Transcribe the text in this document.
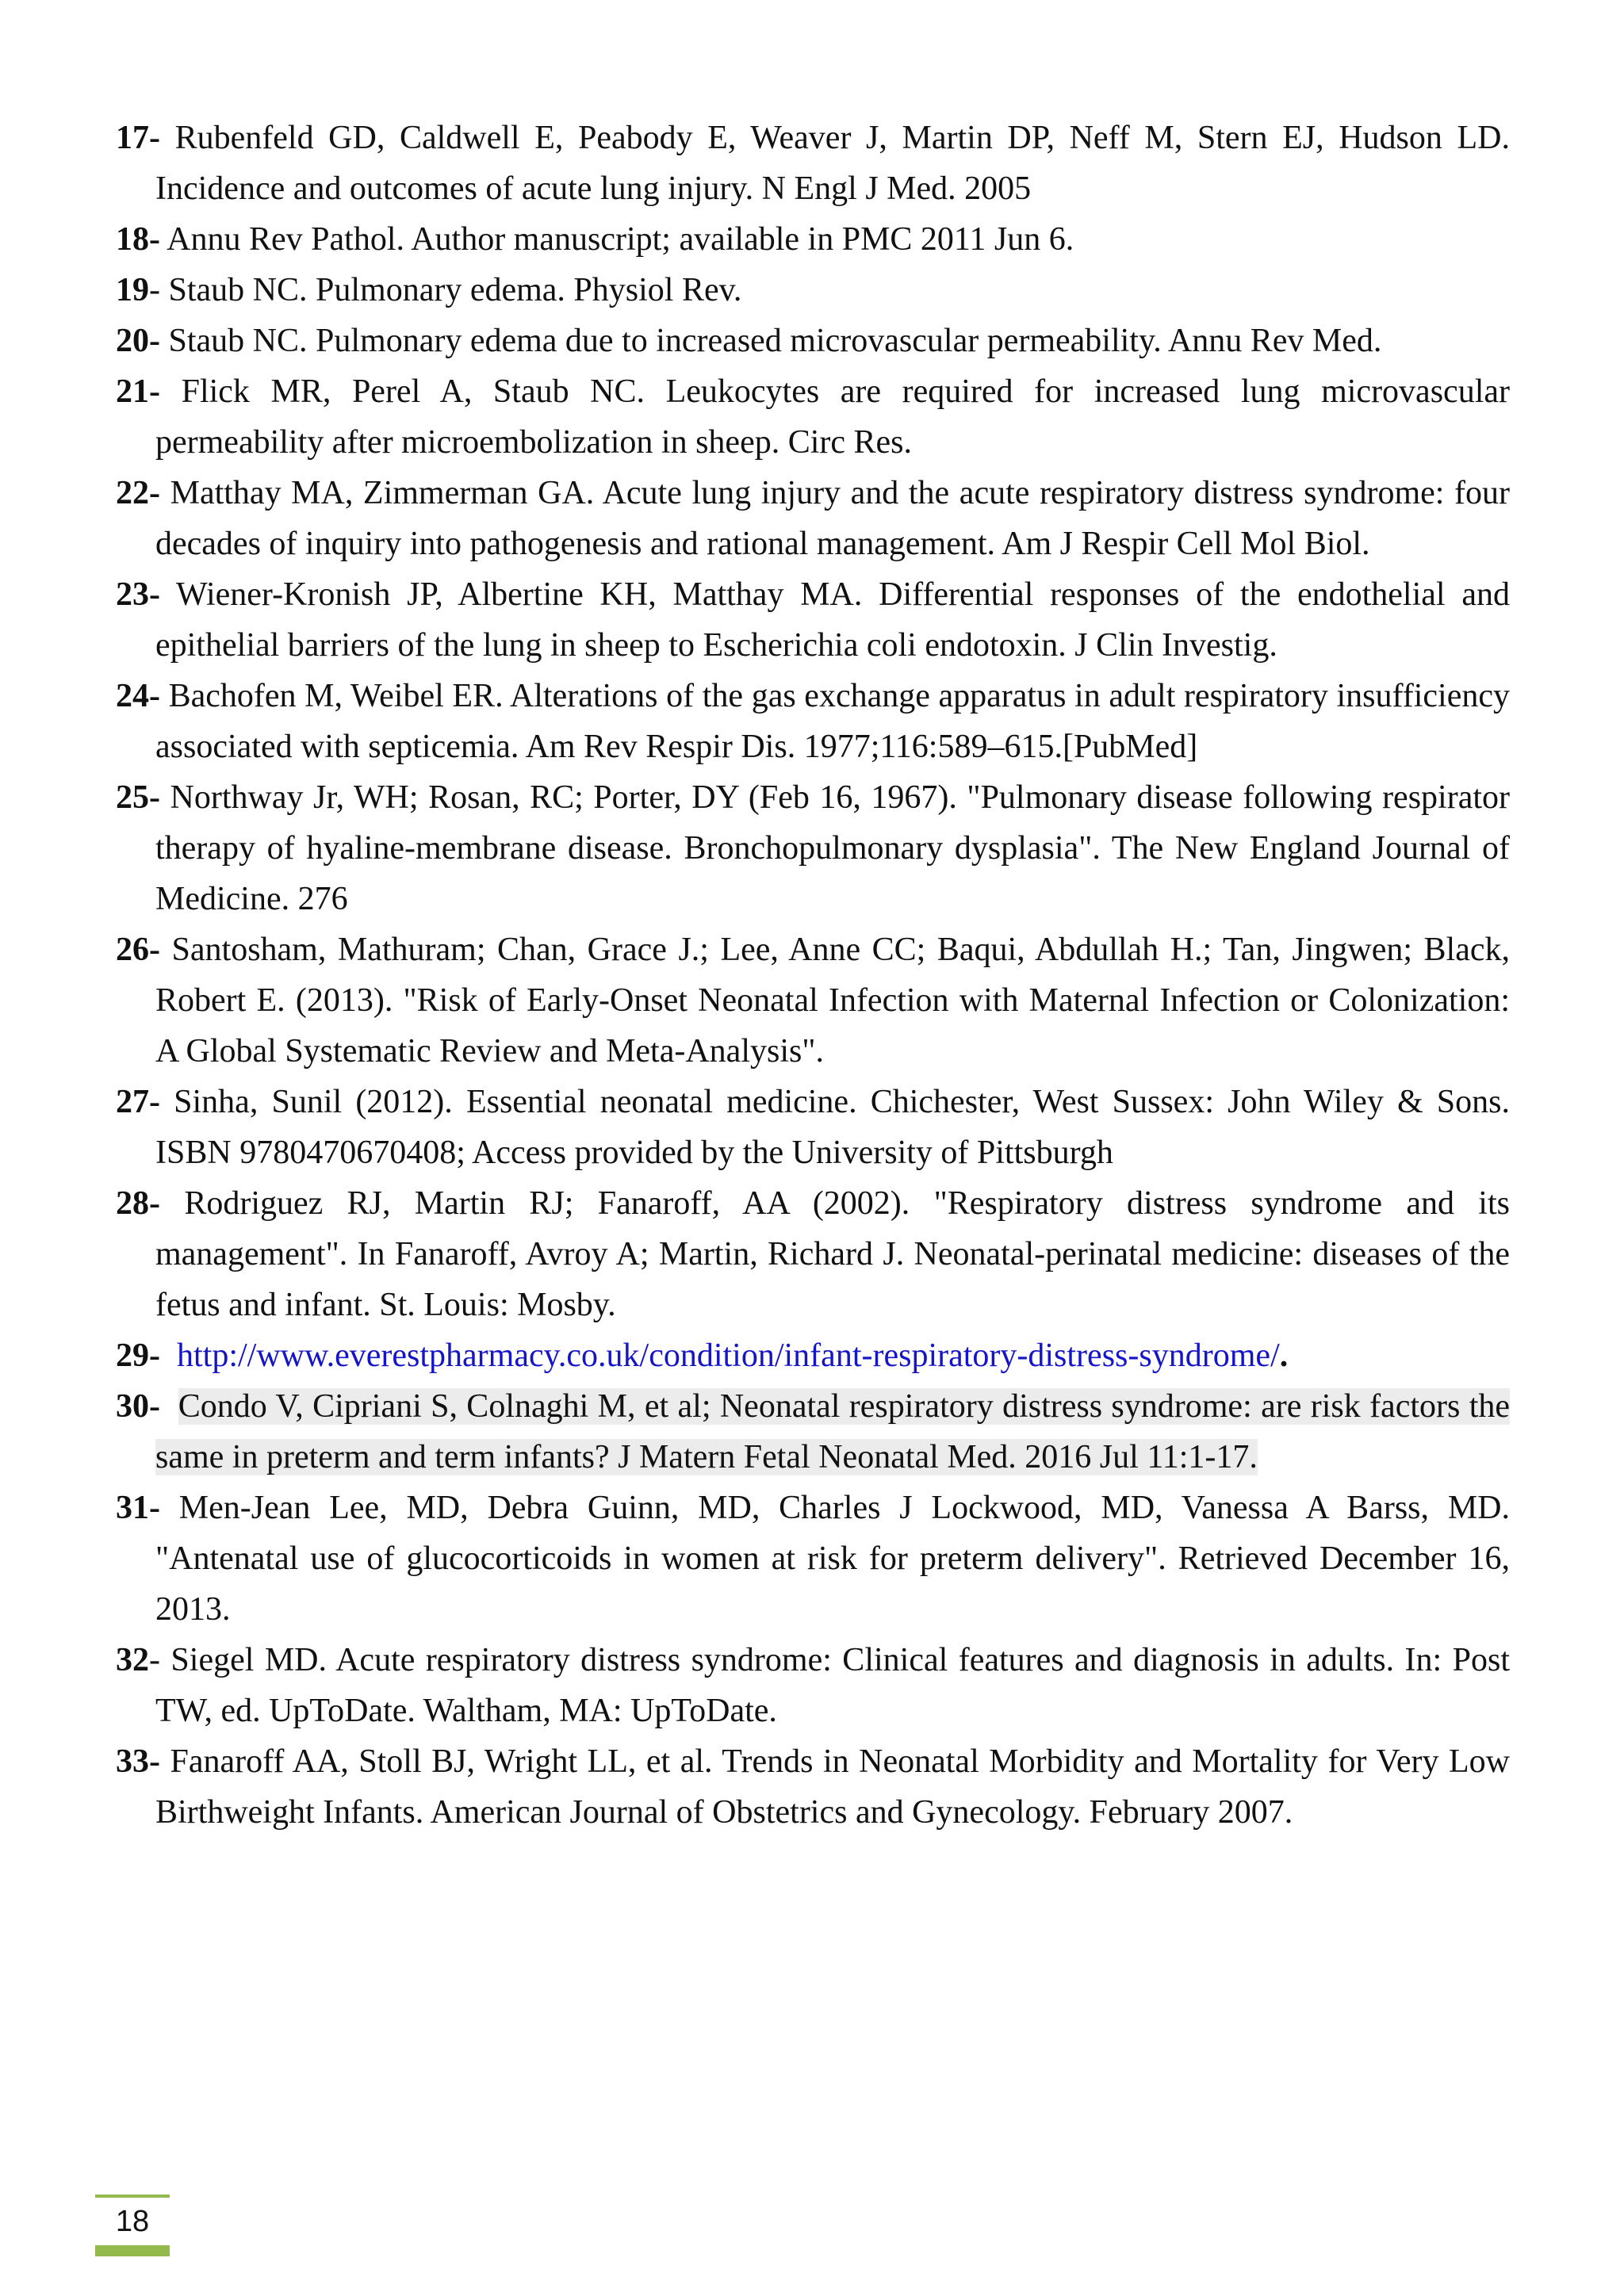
17- Rubenfeld GD, Caldwell E, Peabody E, Weaver J, Martin DP, Neff M, Stern EJ, Hudson LD. Incidence and outcomes of acute lung injury. N Engl J Med. 2005
18- Annu Rev Pathol. Author manuscript; available in PMC 2011 Jun 6.
19- Staub NC. Pulmonary edema. Physiol Rev.
20- Staub NC. Pulmonary edema due to increased microvascular permeability. Annu Rev Med.
21- Flick MR, Perel A, Staub NC. Leukocytes are required for increased lung microvascular permeability after microembolization in sheep. Circ Res.
22- Matthay MA, Zimmerman GA. Acute lung injury and the acute respiratory distress syndrome: four decades of inquiry into pathogenesis and rational management. Am J Respir Cell Mol Biol.
23- Wiener-Kronish JP, Albertine KH, Matthay MA. Differential responses of the endothelial and epithelial barriers of the lung in sheep to Escherichia coli endotoxin. J Clin Investig.
24- Bachofen M, Weibel ER. Alterations of the gas exchange apparatus in adult respiratory insufficiency associated with septicemia. Am Rev Respir Dis. 1977;116:589–615.[PubMed]
25- Northway Jr, WH; Rosan, RC; Porter, DY (Feb 16, 1967). "Pulmonary disease following respirator therapy of hyaline-membrane disease. Bronchopulmonary dysplasia". The New England Journal of Medicine. 276
26- Santosham, Mathuram; Chan, Grace J.; Lee, Anne CC; Baqui, Abdullah H.; Tan, Jingwen; Black, Robert E. (2013). "Risk of Early-Onset Neonatal Infection with Maternal Infection or Colonization: A Global Systematic Review and Meta-Analysis".
27- Sinha, Sunil (2012). Essential neonatal medicine. Chichester, West Sussex: John Wiley & Sons. ISBN 9780470670408; Access provided by the University of Pittsburgh
28- Rodriguez RJ, Martin RJ; Fanaroff, AA (2002). "Respiratory distress syndrome and its management". In Fanaroff, Avroy A; Martin, Richard J. Neonatal-perinatal medicine: diseases of the fetus and infant. St. Louis: Mosby.
29- http://www.everestpharmacy.co.uk/condition/infant-respiratory-distress-syndrome/.
30- Condo V, Cipriani S, Colnaghi M, et al; Neonatal respiratory distress syndrome: are risk factors the same in preterm and term infants? J Matern Fetal Neonatal Med. 2016 Jul 11:1-17.
31- Men-Jean Lee, MD, Debra Guinn, MD, Charles J Lockwood, MD, Vanessa A Barss, MD. "Antenatal use of glucocorticoids in women at risk for preterm delivery". Retrieved December 16, 2013.
32- Siegel MD. Acute respiratory distress syndrome: Clinical features and diagnosis in adults. In: Post TW, ed. UpToDate. Waltham, MA: UpToDate.
33- Fanaroff AA, Stoll BJ, Wright LL, et al. Trends in Neonatal Morbidity and Mortality for Very Low Birthweight Infants. American Journal of Obstetrics and Gynecology. February 2007.
18
